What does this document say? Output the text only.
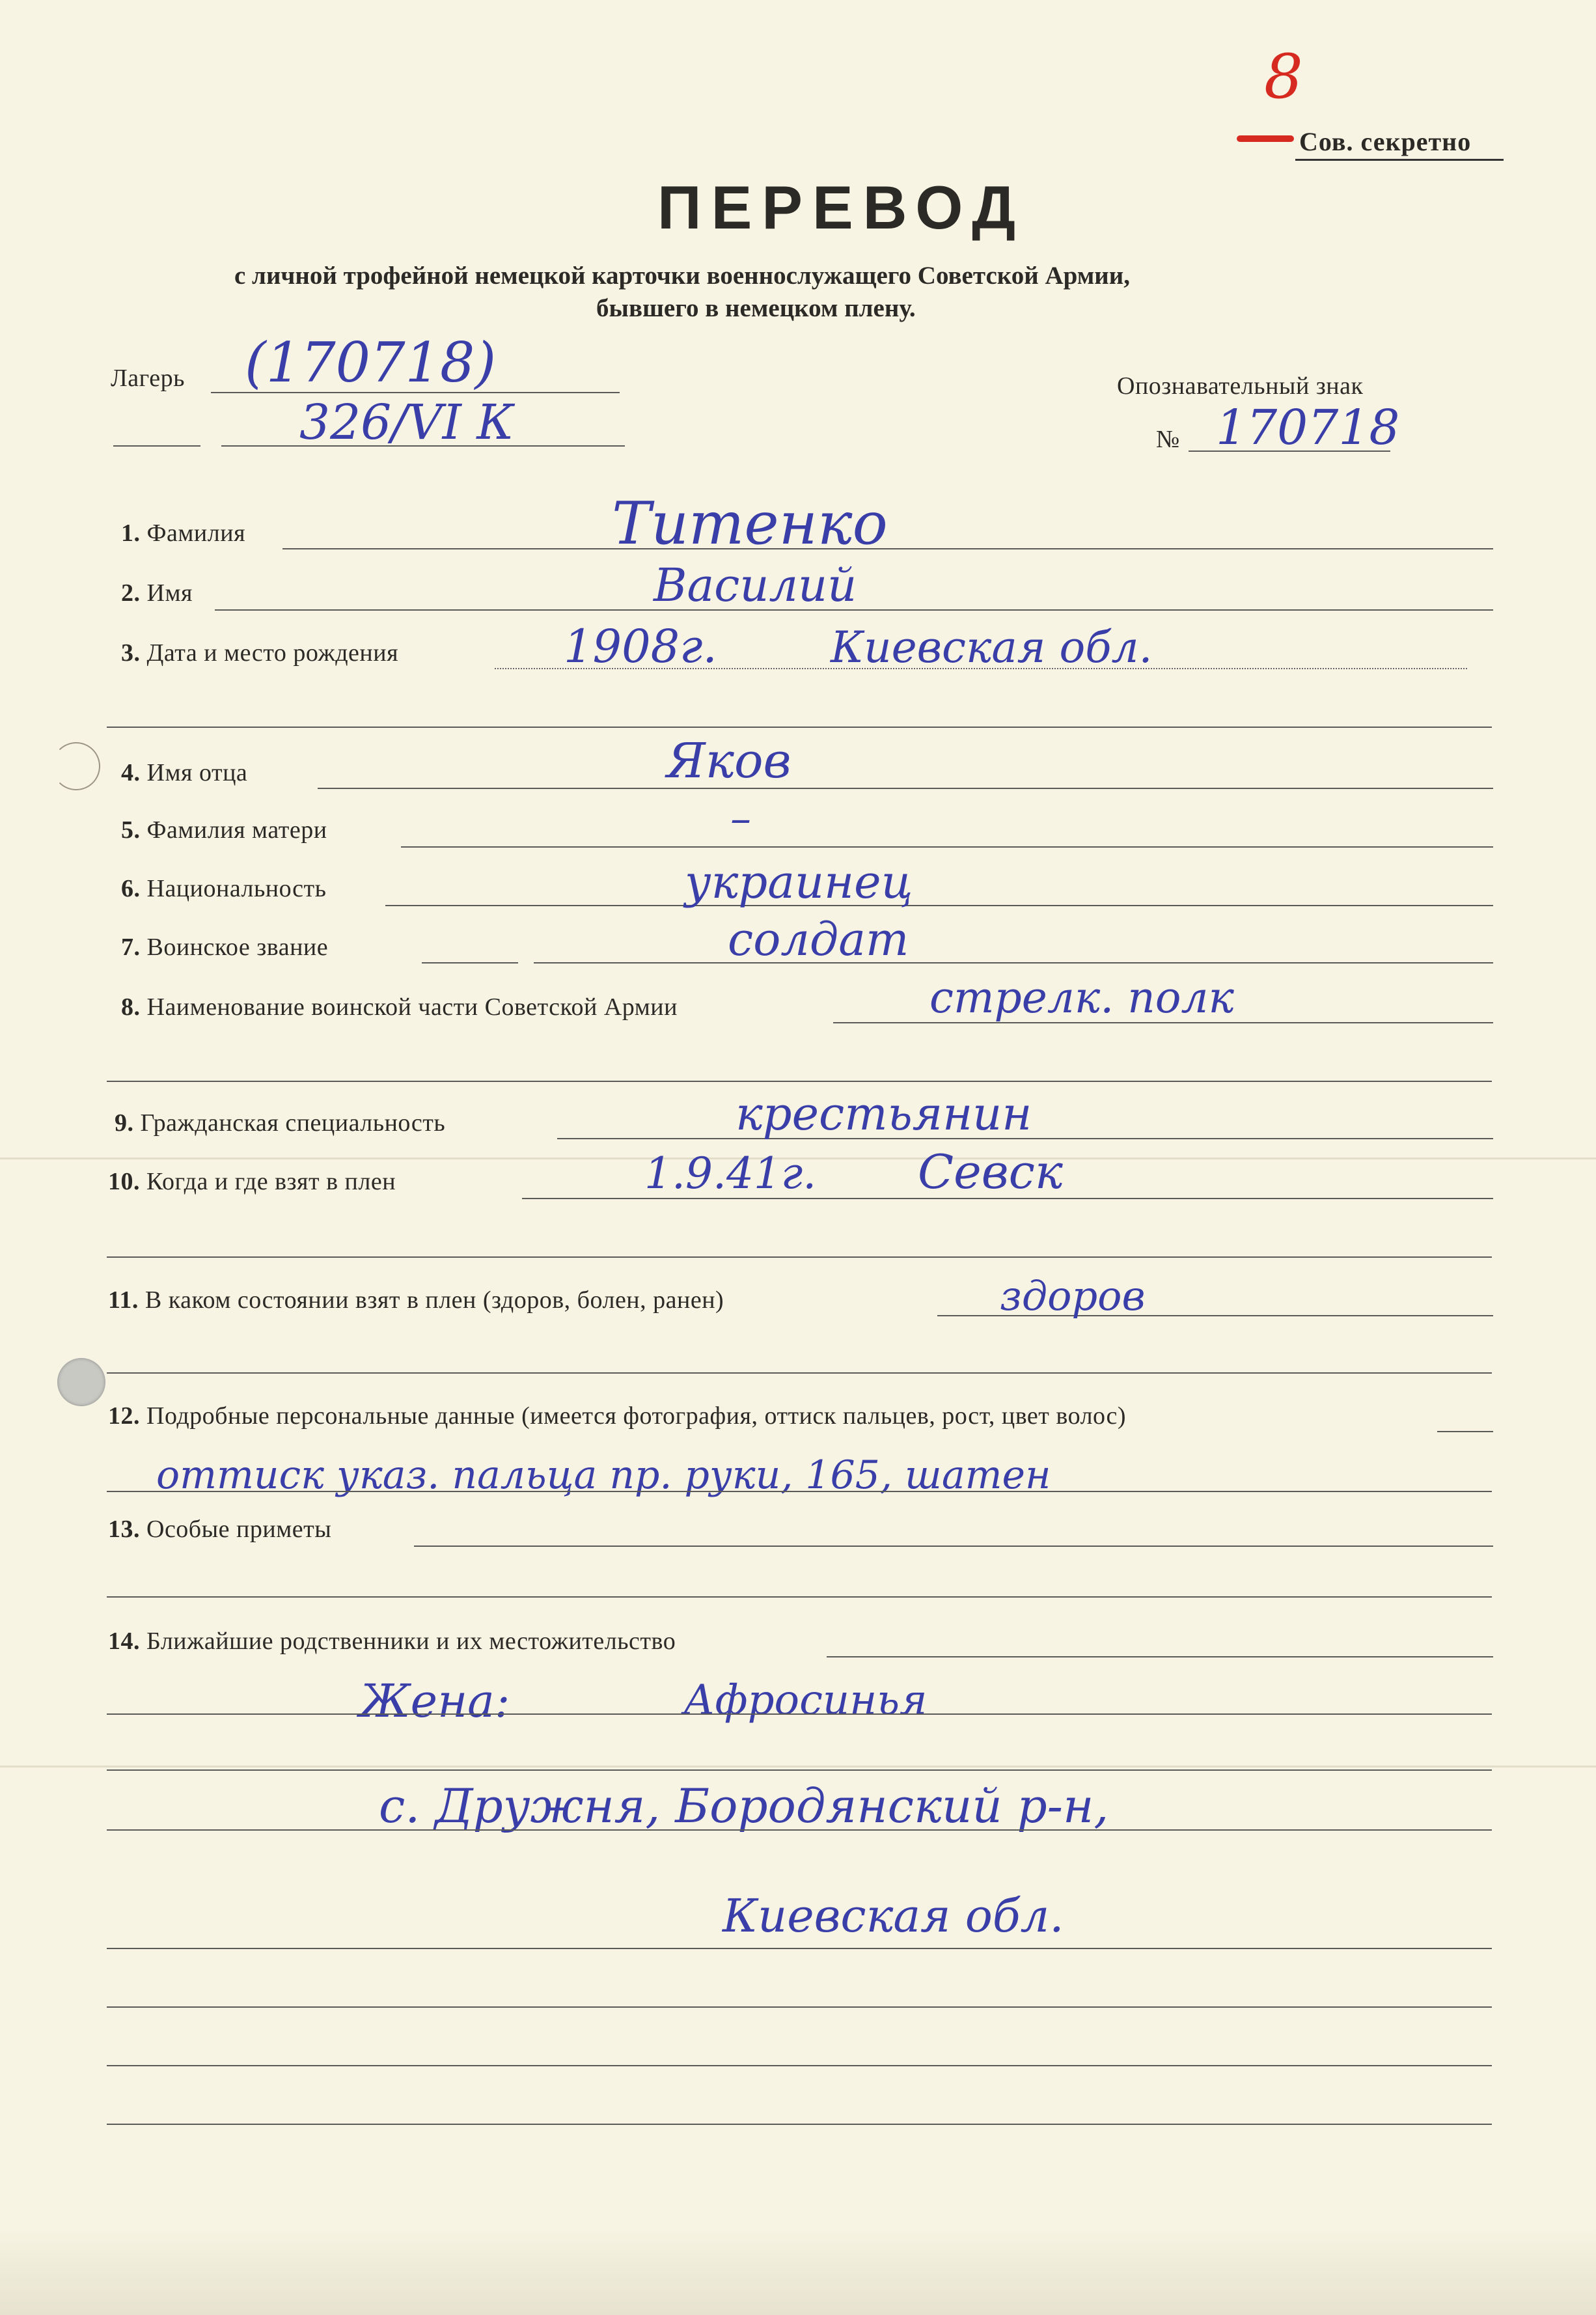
8
Сов. секретно
ПЕРЕВОД
с личной трофейной немецкой карточки военнослужащего Советской Армии,
бывшего в немецком плену.
Лагерь (170718)
326/VI К
Опознавательный знак
№ 170718
1. Фамилия	Титенко
2. Имя	Василий
3. Дата и место рождения	1908г.	Киевская обл.
4. Имя отца	Яков
5. Фамилия матери	–
6. Национальность	украинец
7. Воинское звание	солдат
8. Наименование воинской части Советской Армии	стрелк. полк
9. Гражданская специальность	крестьянин
10. Когда и где взят в плен	1.9.41г. Севск
11. В каком состоянии взят в плен (здоров, болен, ранен)	здоров
12. Подробные персональные данные (имеется фотография, оттиск пальцев, рост, цвет волос)
оттиск указ. пальца пр. руки, 165, шатен
13. Особые приметы
14. Ближайшие родственники и их местожительство
Жена:	Афросинья
с. Дружня, Бородянский р-н,
Киевская обл.
